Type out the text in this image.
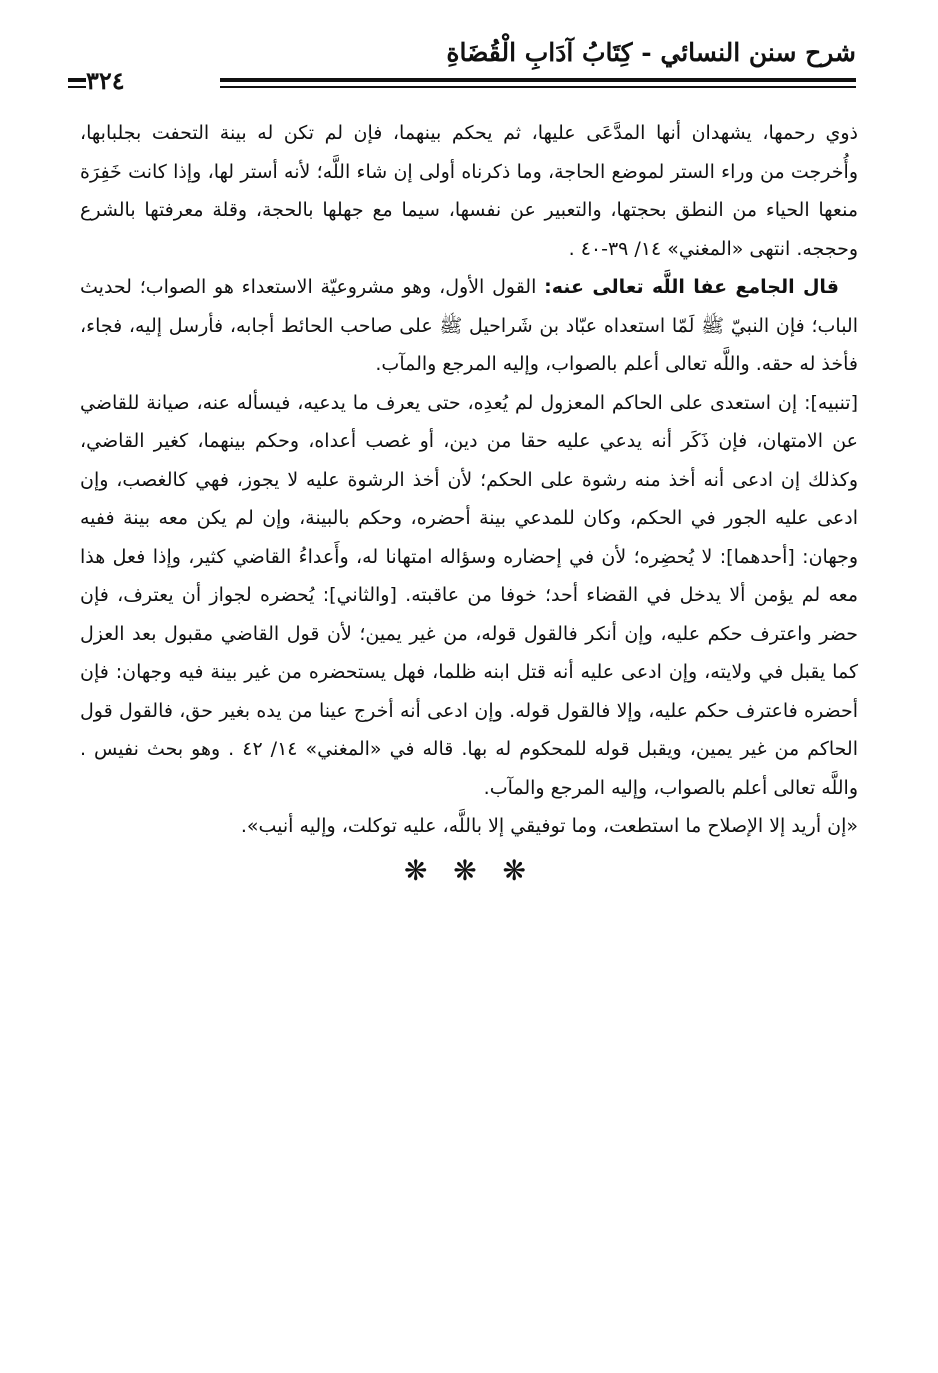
شرح سنن النسائي - كِتَابُ آدَابِ الْقُضَاةِ
٣٢٤

ذوي رحمها، يشهدان أنها المدَّعَى عليها، ثم يحكم بينهما، فإن لم تكن له بينة التحفت بجلبابها، وأُخرجت من وراء الستر لموضع الحاجة، وما ذكرناه أولى إن شاء اللَّه؛ لأنه أستر لها، وإذا كانت خَفِرَة منعها الحياء من النطق بحجتها، والتعبير عن نفسها، سيما مع جهلها بالحجة، وقلة معرفتها بالشرع وحججه. انتهى «المغني» ١٤/ ٣٩-٤٠ .

 قال الجامع عفا اللَّه تعالى عنه: القول الأول، وهو مشروعيّة الاستعداء هو الصواب؛ لحديث الباب؛ فإن النبيّ ﷺ لَمّا استعداه عبّاد بن شَراحيل ﷺ على صاحب الحائط أجابه، فأرسل إليه، فجاء، فأخذ له حقه. واللَّه تعالى أعلم بالصواب، وإليه المرجع والمآب.

[تنبيه]: إن استعدى على الحاكم المعزول لم يُعدِه، حتى يعرف ما يدعيه، فيسأله عنه، صيانة للقاضي عن الامتهان، فإن ذَكَر أنه يدعي عليه حقا من دين، أو غصب أعداه، وحكم بينهما، كغير القاضي، وكذلك إن ادعى أنه أخذ منه رشوة على الحكم؛ لأن أخذ الرشوة عليه لا يجوز، فهي كالغصب، وإن ادعى عليه الجور في الحكم، وكان للمدعي بينة أحضره، وحكم بالبينة، وإن لم يكن معه بينة ففيه وجهان: [أحدهما]: لا يُحضِره؛ لأن في إحضاره وسؤاله امتهانا له، وأَعداءُ القاضي كثير، وإذا فعل هذا معه لم يؤمن ألا يدخل في القضاء أحد؛ خوفا من عاقبته. [والثاني]: يُحضره لجواز أن يعترف، فإن حضر واعترف حكم عليه، وإن أنكر فالقول قوله، من غير يمين؛ لأن قول القاضي مقبول بعد العزل كما يقبل في ولايته، وإن ادعى عليه أنه قتل ابنه ظلما، فهل يستحضره من غير بينة فيه وجهان: فإن أحضره فاعترف حكم عليه، وإلا فالقول قوله. وإن ادعى أنه أخرج عينا من يده بغير حق، فالقول قول الحاكم من غير يمين، ويقبل قوله للمحكوم له بها. قاله في «المغني» ١٤/ ٤٢ . وهو بحث نفيس . واللَّه تعالى أعلم بالصواب، وإليه المرجع والمآب.

«إن أريد إلا الإصلاح ما استطعت، وما توفيقي إلا باللَّه، عليه توكلت، وإليه أنيب».

❋ ❋ ❋
